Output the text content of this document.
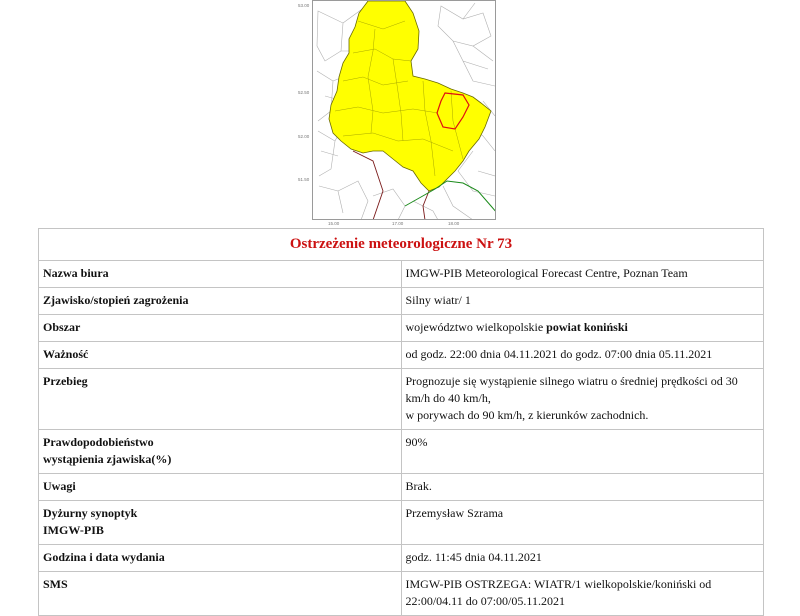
53.00
52.50
52.00
51.50
15.00	17.00	18.00
Ostrzeżenie meteorologiczne Nr 73	
Nazwa biura	IMGW-PIB Meteorological Forecast Centre, Poznan Team
Zjawisko/stopień zagrożenia	Silny wiatr/ 1
Obszar	województwo wielkopolskie powiat koniński
Ważność	od godz. 22:00 dnia 04.11.2021 do godz. 07:00 dnia 05.11.2021
Przebieg	Prognozuje się wystąpienie silnego wiatru o średniej prędkości od 30 km/h do 40 km/h,
w porywach do 90 km/h, z kierunków zachodnich.

Prawdopodobieństwo
wystąpienia zjawiska(%)	90%
Uwagi	Brak.

Dyżurny synoptyk
IMGW-PIB	Przemysław Szrama
Godzina i data wydania	godz. 11:45 dnia 04.11.2021
SMS	IMGW-PIB OSTRZEGA: WIATR/1 wielkopolskie/koniński od 22:00/04.11 do 07:00/05.11.2021
